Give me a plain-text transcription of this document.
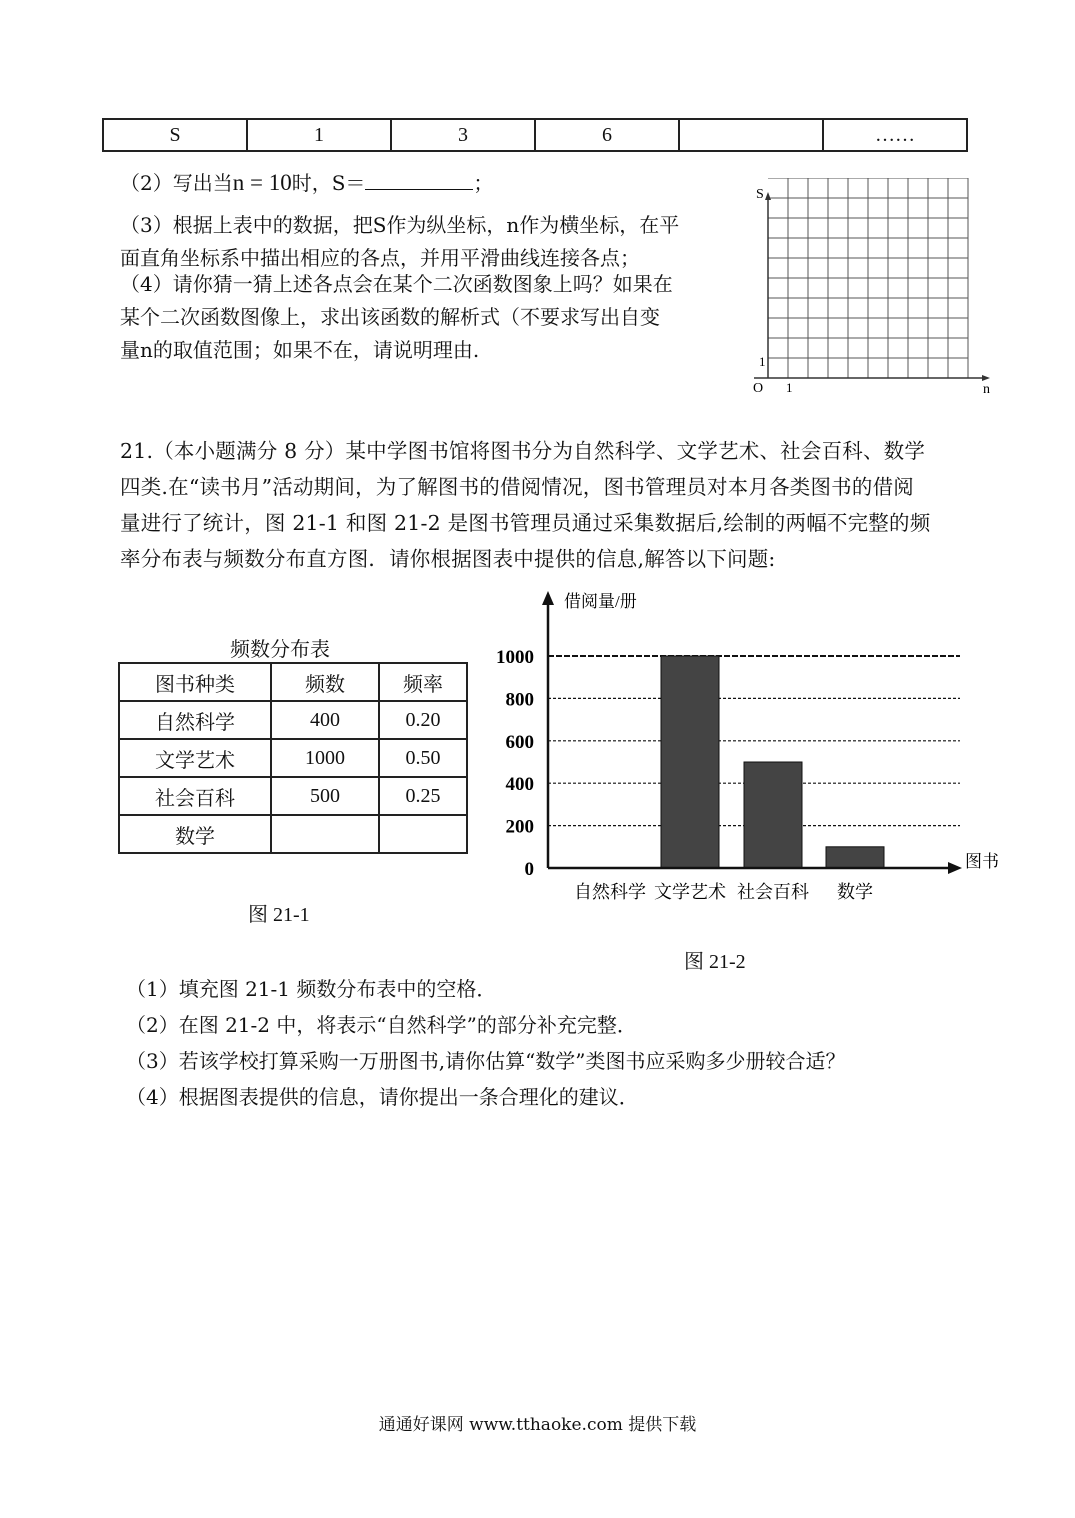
S	1	3	6		……
（2）写出当n = 10时，S＝	；
（3）根据上表中的数据，把S作为纵坐标，n作为横坐标，在平
面直角坐标系中描出相应的各点，并用平滑曲线连接各点；
（4）请你猜一猜上述各点会在某个二次函数图象上吗？如果在
某个二次函数图像上，求出该函数的解析式（不要求写出自变
量n的取值范围；如果不在，请说明理由.
S
n
O 1
1
21.（本小题满分 8 分）某中学图书馆将图书分为自然科学、文学艺术、社会百科、数学
四类.在“读书月”活动期间，为了解图书的借阅情况，图书管理员对本月各类图书的借阅
量进行了统计，图 21-1 和图 21-2 是图书管理员通过采集数据后,绘制的两幅不完整的频
率分布表与频数分布直方图．请你根据图表中提供的信息,解答以下问题:
频数分布表
图书种类	频数	频率
自然科学	400	0.20
文学艺术	1000	0.50
社会百科	500	0.25
数学		
图 21-1
0
200
400
600
800
1000
自然科学 文学艺术 社会百科 数学
借阅量/册
图书
图 21-2
（1）填充图 21-1 频数分布表中的空格．
（2）在图 21-2 中，将表示“自然科学”的部分补充完整．
（3）若该学校打算采购一万册图书,请你估算“数学”类图书应采购多少册较合适？
（4）根据图表提供的信息，请你提出一条合理化的建议．
通通好课网 www.tthaoke.com 提供下载
